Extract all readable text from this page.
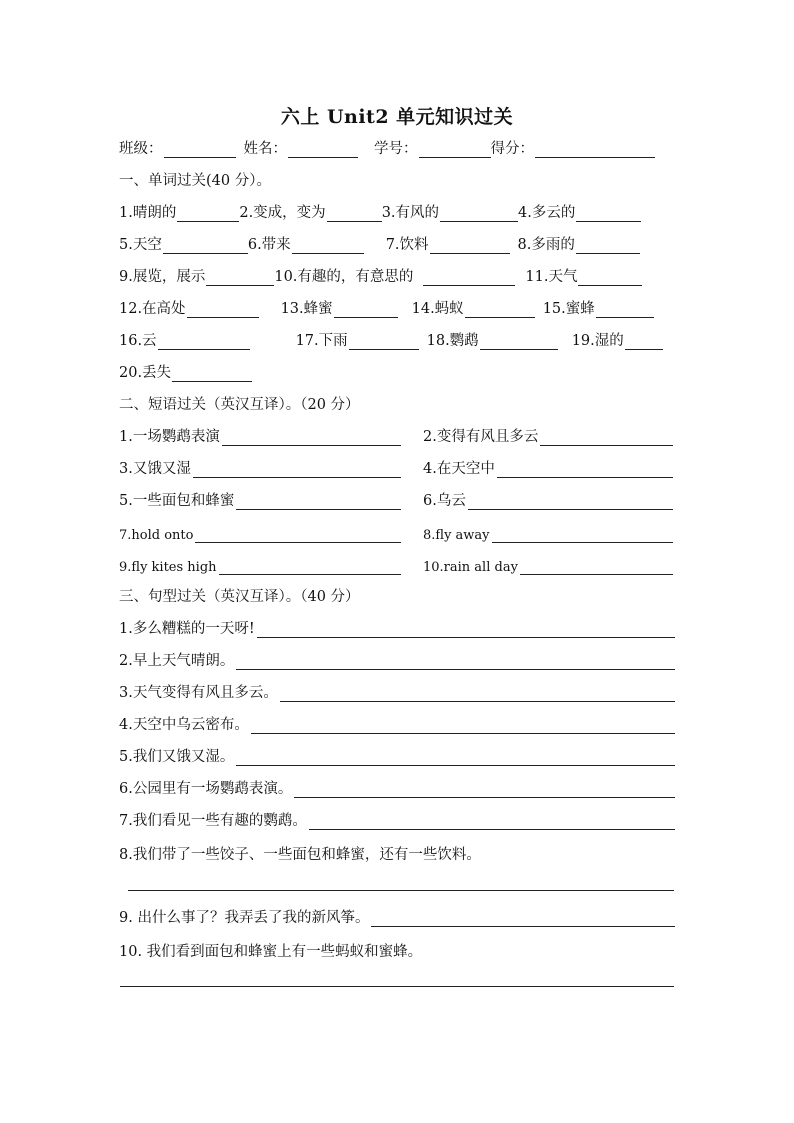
六上 Unit2 单元知识过关
班级：	姓名：	学号：	得分：
一、单词过关(40 分）。
1.晴朗的	2.变成，变为	3.有风的	4.多云的
5.天空	6.带来	7.饮料	8.多雨的
9.展览，展示	10.有趣的，有意思的	11.天气
12.在高处	13.蜂蜜	14.蚂蚁	15.蜜蜂
16.云	17.下雨	18.鹦鹉	19.湿的
20.丢失
二、短语过关（英汉互译）。（20 分）
1.一场鹦鹉表演	2.变得有风且多云
3.又饿又湿	4.在天空中
5.一些面包和蜂蜜	6.乌云
7.hold onto	8.fly away
9.fly kites high	10.rain all day
三、句型过关（英汉互译）。（40 分）
1.多么糟糕的一天呀!
2.早上天气晴朗。
3.天气变得有风且多云。
4.天空中乌云密布。
5.我们又饿又湿。
6.公园里有一场鹦鹉表演。
7.我们看见一些有趣的鹦鹉。
8.我们带了一些饺子、一些面包和蜂蜜，还有一些饮料。
9. 出什么事了？我弄丢了我的新风筝。
10. 我们看到面包和蜂蜜上有一些蚂蚁和蜜蜂。
